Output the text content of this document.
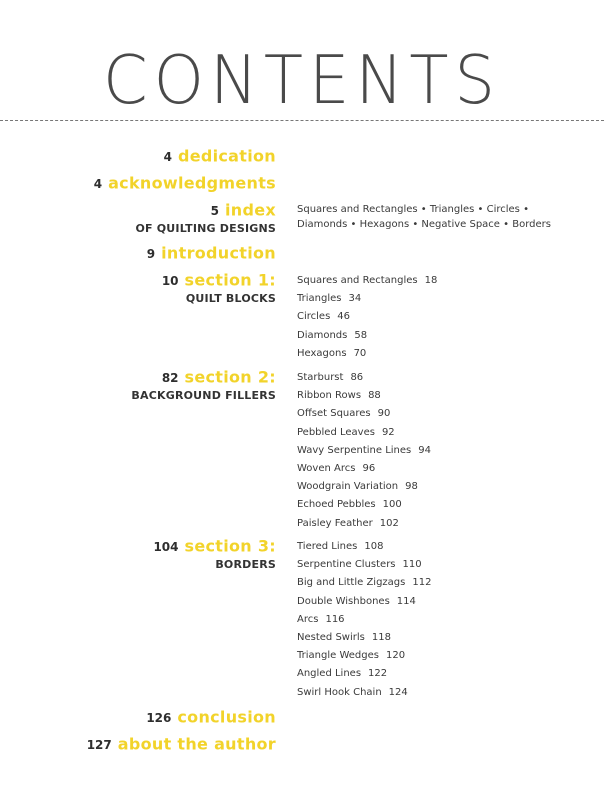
CONTENTS
4 dedication
4 acknowledgments
5 index
OF QUILTING DESIGNS
Squares and Rectangles • Triangles • Circles •
Diamonds • Hexagons • Negative Space • Borders
9 introduction
10 section 1:
QUILT BLOCKS
Squares and Rectangles 18
Triangles 34
Circles 46
Diamonds 58
Hexagons 70
82 section 2:
BACKGROUND FILLERS
Starburst 86
Ribbon Rows 88
Offset Squares 90
Pebbled Leaves 92
Wavy Serpentine Lines 94
Woven Arcs 96
Woodgrain Variation 98
Echoed Pebbles 100
Paisley Feather 102
104 section 3:
BORDERS
Tiered Lines 108
Serpentine Clusters 110
Big and Little Zigzags 112
Double Wishbones 114
Arcs 116
Nested Swirls 118
Triangle Wedges 120
Angled Lines 122
Swirl Hook Chain 124
126 conclusion
127 about the author
